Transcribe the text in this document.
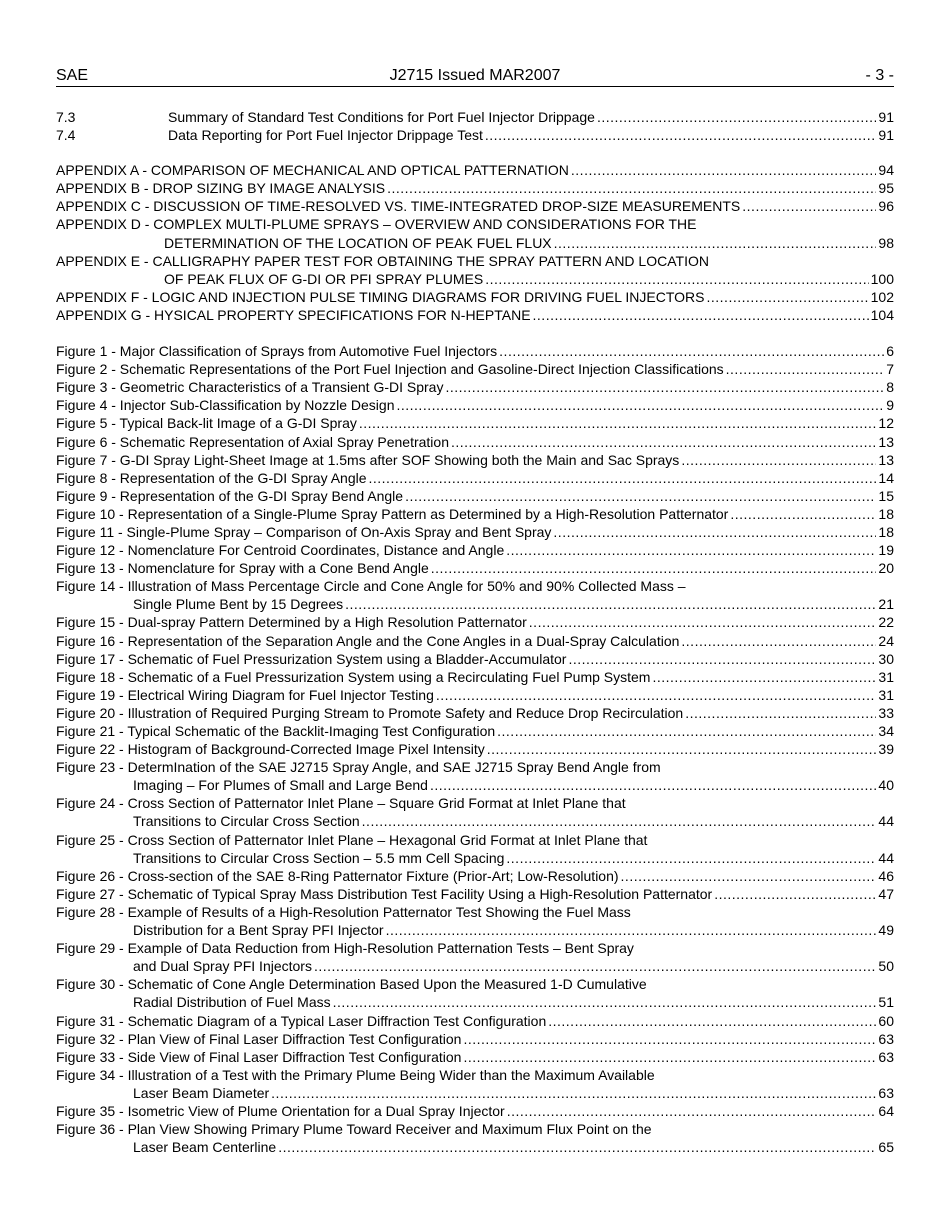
SAE	J2715 Issued MAR2007	- 3 -
7.3	Summary of Standard Test Conditions for Port Fuel Injector Drippage .....	91
7.4	Data Reporting for Port Fuel Injector Drippage Test .....	91
APPENDIX A - COMPARISON OF MECHANICAL AND OPTICAL PATTERNATION .....	94
APPENDIX B - DROP SIZING BY IMAGE ANALYSIS .....	95
APPENDIX C - DISCUSSION OF TIME-RESOLVED VS. TIME-INTEGRATED DROP-SIZE MEASUREMENTS .....	96
APPENDIX D - COMPLEX MULTI-PLUME SPRAYS – OVERVIEW AND CONSIDERATIONS FOR THE
DETERMINATION OF THE LOCATION OF PEAK FUEL FLUX .....	98
APPENDIX E - CALLIGRAPHY PAPER TEST FOR OBTAINING THE SPRAY PATTERN AND LOCATION
OF PEAK FLUX OF G-DI OR PFI SPRAY PLUMES .....	100
APPENDIX F - LOGIC AND INJECTION PULSE TIMING DIAGRAMS FOR DRIVING FUEL INJECTORS .....	102
APPENDIX G - HYSICAL PROPERTY SPECIFICATIONS FOR N-HEPTANE .....	104
Figure 1 - Major Classification of Sprays from Automotive Fuel Injectors .....	6
Figure 2 - Schematic Representations of the Port Fuel Injection and Gasoline-Direct Injection Classifications .....	7
Figure 3 - Geometric Characteristics of a Transient G-DI Spray .....	8
Figure 4 - Injector Sub-Classification by Nozzle Design .....	9
Figure 5 - Typical Back-lit Image of a G-DI Spray .....	12
Figure 6 - Schematic Representation of Axial Spray Penetration .....	13
Figure 7 - G-DI Spray Light-Sheet Image at 1.5ms after SOF Showing both the Main and Sac Sprays .....	13
Figure 8 - Representation of the G-DI Spray Angle .....	14
Figure 9 - Representation of the G-DI Spray Bend Angle .....	15
Figure 10 - Representation of a Single-Plume Spray Pattern as Determined by a High-Resolution Patternator .....	18
Figure 11 - Single-Plume Spray – Comparison of On-Axis Spray and Bent Spray .....	18
Figure 12 - Nomenclature For Centroid Coordinates, Distance and Angle .....	19
Figure 13 - Nomenclature for Spray with a Cone Bend Angle .....	20
Figure 14 - Illustration of Mass Percentage Circle and Cone Angle for 50% and 90% Collected Mass –
Single Plume Bent by 15 Degrees .....	21
Figure 15 - Dual-spray Pattern Determined by a High Resolution Patternator .....	22
Figure 16 - Representation of the Separation Angle and the Cone Angles in a Dual-Spray Calculation .....	24
Figure 17 - Schematic of Fuel Pressurization System using a Bladder-Accumulator .....	30
Figure 18 - Schematic of a Fuel Pressurization System using a Recirculating Fuel Pump System .....	31
Figure 19 - Electrical Wiring Diagram for Fuel Injector Testing .....	31
Figure 20 - Illustration of Required Purging Stream to Promote Safety and Reduce Drop Recirculation .....	33
Figure 21 - Typical Schematic of the Backlit-Imaging Test Configuration .....	34
Figure 22 - Histogram of Background-Corrected Image Pixel Intensity .....	39
Figure 23 - DetermInation of the SAE J2715 Spray Angle, and SAE J2715 Spray Bend Angle from
Imaging – For Plumes of Small and Large Bend .....	40
Figure 24 - Cross Section of Patternator Inlet Plane – Square Grid Format at Inlet Plane that
Transitions to Circular Cross Section .....	44
Figure 25 - Cross Section of Patternator Inlet Plane – Hexagonal Grid Format at Inlet Plane that
Transitions to Circular Cross Section – 5.5 mm Cell Spacing .....	44
Figure 26 - Cross-section of the SAE 8-Ring Patternator Fixture (Prior-Art; Low-Resolution) .....	46
Figure 27 - Schematic of Typical Spray Mass Distribution Test Facility Using a High-Resolution Patternator .....	47
Figure 28 - Example of Results of a High-Resolution Patternator Test Showing the Fuel Mass
Distribution for a Bent Spray PFI Injector .....	49
Figure 29 - Example of Data Reduction from High-Resolution Patternation Tests – Bent Spray
and Dual Spray PFI Injectors .....	50
Figure 30 - Schematic of Cone Angle Determination Based Upon the Measured 1-D Cumulative
Radial Distribution of Fuel Mass .....	51
Figure 31 - Schematic Diagram of a Typical Laser Diffraction Test Configuration .....	60
Figure 32 - Plan View of Final Laser Diffraction Test Configuration .....	63
Figure 33 - Side View of Final Laser Diffraction Test Configuration .....	63
Figure 34 - Illustration of a Test with the Primary Plume Being Wider than the Maximum Available
Laser Beam Diameter .....	63
Figure 35 - Isometric View of Plume Orientation for a Dual Spray Injector .....	64
Figure 36 - Plan View Showing Primary Plume Toward Receiver and Maximum Flux Point on the
Laser Beam Centerline .....	65
